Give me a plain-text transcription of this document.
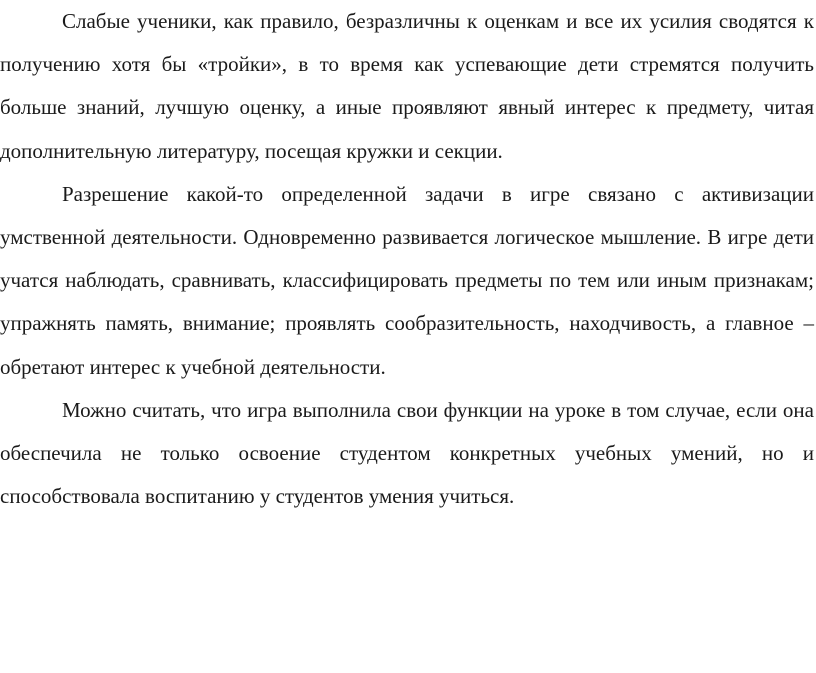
Слабые ученики, как правило, безразличны к оценкам и все их усилия сводятся к получению хотя бы «тройки», в то время как успевающие дети стремятся получить больше знаний, лучшую оценку, а иные проявляют явный интерес к предмету, читая дополнительную литературу, посещая кружки и секции.

Разрешение какой-то определенной задачи в игре связано с активизации умственной деятельности. Одновременно развивается логическое мышление. В игре дети учатся наблюдать, сравнивать, классифицировать предметы по тем или иным признакам; упражнять память, внимание; проявлять сообразительность, находчивость, а главное – обретают интерес к учебной деятельности.

Можно считать, что игра выполнила свои функции на уроке в том случае, если она обеспечила не только освоение студентом конкретных учебных умений, но и способствовала воспитанию у студентов умения учиться.
